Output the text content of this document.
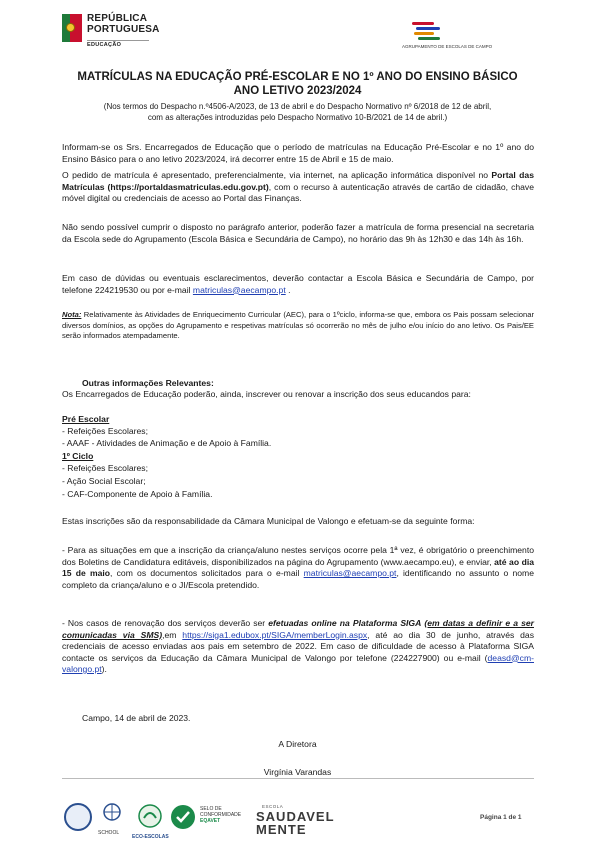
REPÚBLICA
PORTUGUESA
EDUCAÇÃO	AGRUPAMENTO DE ESCOLAS DE CAMPO
MATRÍCULAS NA EDUCAÇÃO PRÉ-ESCOLAR E NO 1º ANO DO ENSINO BÁSICO
ANO LETIVO 2023/2024
(Nos termos do Despacho n.º4506-A/2023, de 13 de abril e do Despacho Normativo nº 6/2018 de 12 de abril,
com as alterações introduzidas pelo Despacho Normativo 10-B/2021 de 14 de abril.)
Informam-se os Srs. Encarregados de Educação que o período de matrículas na Educação Pré-Escolar e no 1º ano do Ensino Básico para o ano letivo 2023/2024, irá decorrer entre 15 de Abril e 15 de maio.
O pedido de matrícula é apresentado, preferencialmente, via internet, na aplicação informática disponível no Portal das Matrículas (https://portaldasmatriculas.edu.gov.pt), com o recurso à autenticação através de cartão de cidadão, chave móvel digital ou credenciais de acesso ao Portal das Finanças.
Não sendo possível cumprir o disposto no parágrafo anterior, poderão fazer a matrícula de forma presencial na secretaria da Escola sede do Agrupamento (Escola Básica e Secundária de Campo), no horário das 9h às 12h30 e das 14h às 16h.
Em caso de dúvidas ou eventuais esclarecimentos, deverão contactar a Escola Básica e Secundária de Campo, por telefone 224219530 ou por e-mail matriculas@aecampo.pt .
Nota: Relativamente às Atividades de Enriquecimento Curricular (AEC), para o 1ºciclo, informa-se que, embora os Pais possam selecionar diversos domínios, as opções do Agrupamento e respetivas matrículas só ocorrerão no mês de julho e/ou início do ano letivo. Os Pais/EE serão informados atempadamente.
Outras informações Relevantes:
Os Encarregados de Educação poderão, ainda, inscrever ou renovar a inscrição dos seus educandos para:
Pré Escolar
- Refeições Escolares;
- AAAF - Atividades de Animação e de Apoio à Família.
1º Ciclo
- Refeições Escolares;
- Ação Social Escolar;
- CAF-Componente de Apoio à Família.
Estas inscrições são da responsabilidade da Câmara Municipal de Valongo e efetuam-se da seguinte forma:
- Para as situações em que a inscrição da criança/aluno nestes serviços ocorre pela 1ª vez, é obrigatório o preenchimento dos Boletins de Candidatura editáveis, disponibilizados na página do Agrupamento (www.aecampo.eu), e enviar, até ao dia 15 de maio, com os documentos solicitados para o e-mail matriculas@aecampo.pt, identificando no assunto o nome completo da criança/aluno e o JI/Escola pretendido.
- Nos casos de renovação dos serviços deverão ser efetuadas online na Plataforma SIGA (em datas a definir e a ser comunicadas via SMS),em https://siga1.edubox.pt/SIGA/memberLogin.aspx, até ao dia 30 de junho, através das credenciais de acesso enviadas aos pais em setembro de 2022. Em caso de dificuldade de acesso à Plataforma SIGA contacte os serviços da Educação da Câmara Municipal de Valongo por telefone (224227900) ou e-mail (deasd@cm-valongo.pt).
Campo, 14 de abril de 2023.
A Diretora
Virgínia Varandas
SCHOOL
ECO-ESCOLAS
SELO DE
CONFORMIDADE
EQAVET
ESCOLA
SAUDAVEL
MENTE
Página 1 de 1
